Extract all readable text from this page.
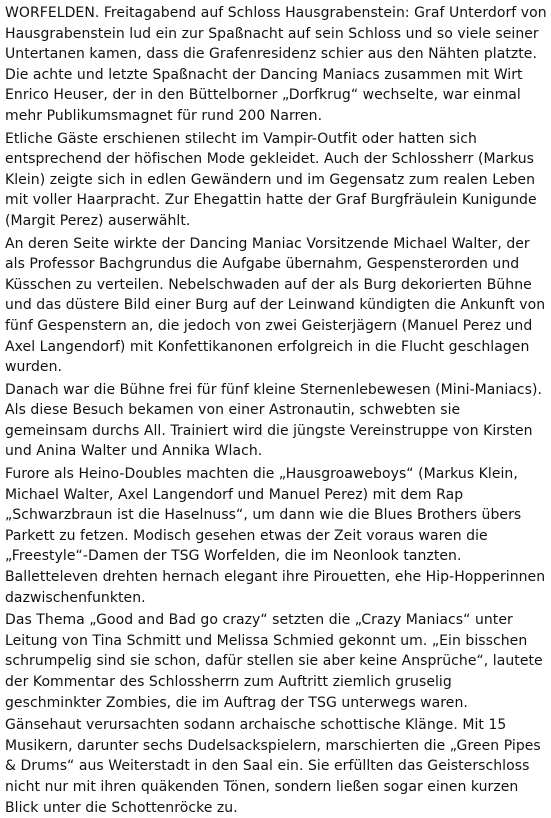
WORFELDEN. Freitagabend auf Schloss Hausgrabenstein: Graf Unterdorf von Hausgrabenstein lud ein zur Spaßnacht auf sein Schloss und so viele seiner Untertanen kamen, dass die Grafenresidenz schier aus den Nähten platzte. Die achte und letzte Spaßnacht der Dancing Maniacs zusammen mit Wirt Enrico Heuser, der in den Büttelborner „Dorfkrug“ wechselte, war einmal mehr Publikumsmagnet für rund 200 Narren.

Etliche Gäste erschienen stilecht im Vampir-Outfit oder hatten sich entsprechend der höfischen Mode gekleidet. Auch der Schlossherr (Markus Klein) zeigte sich in edlen Gewändern und im Gegensatz zum realen Leben mit voller Haarpracht. Zur Ehegattin hatte der Graf Burgfräulein Kunigunde (Margit Perez) auserwählt.

An deren Seite wirkte der Dancing Maniac Vorsitzende Michael Walter, der als Professor Bachgrundus die Aufgabe übernahm, Gespensterorden und Küsschen zu verteilen. Nebelschwaden auf der als Burg dekorierten Bühne und das düstere Bild einer Burg auf der Leinwand kündigten die Ankunft von fünf Gespenstern an, die jedoch von zwei Geisterjägern (Manuel Perez und Axel Langendorf) mit Konfettikanonen erfolgreich in die Flucht geschlagen wurden.

Danach war die Bühne frei für fünf kleine Sternenlebewesen (Mini-Maniacs). Als diese Besuch bekamen von einer Astronautin, schwebten sie gemeinsam durchs All. Trainiert wird die jüngste Vereinstruppe von Kirsten und Anina Walter und Annika Wlach.

Furore als Heino-Doubles machten die „Hausgroaweboys“ (Markus Klein, Michael Walter, Axel Langendorf und Manuel Perez) mit dem Rap „Schwarzbraun ist die Haselnuss“, um dann wie die Blues Brothers übers Parkett zu fetzen. Modisch gesehen etwas der Zeit voraus waren die „Freestyle“-Damen der TSG Worfelden, die im Neonlook tanzten. Balletteleven drehten hernach elegant ihre Pirouetten, ehe Hip-Hopperinnen dazwischenfunkten.

Das Thema „Good and Bad go crazy“ setzten die „Crazy Maniacs“ unter Leitung von Tina Schmitt und Melissa Schmied gekonnt um. „Ein bisschen schrumpelig sind sie schon, dafür stellen sie aber keine Ansprüche“, lautete der Kommentar des Schlossherrn zum Auftritt ziemlich gruselig geschminkter Zombies, die im Auftrag der TSG unterwegs waren.

Gänsehaut verursachten sodann archaische schottische Klänge. Mit 15 Musikern, darunter sechs Dudelsackspielern, marschierten die „Green Pipes & Drums“ aus Weiterstadt in den Saal ein. Sie erfüllten das Geisterschloss nicht nur mit ihren quäkenden Tönen, sondern ließen sogar einen kurzen Blick unter die Schottenröcke zu.
